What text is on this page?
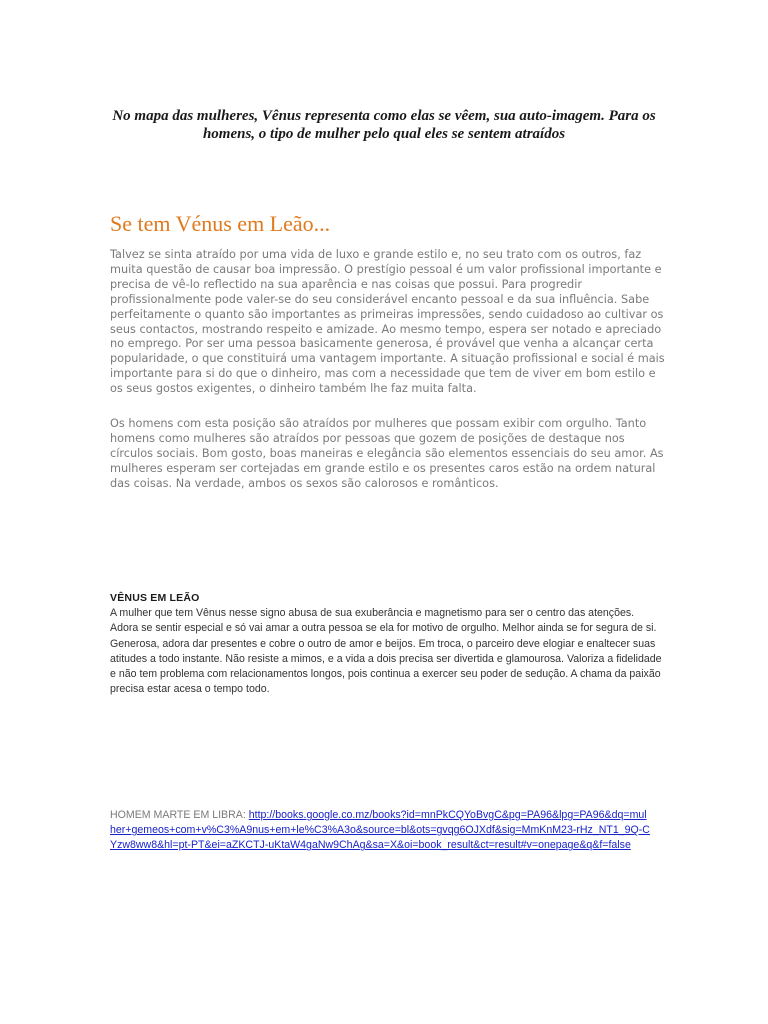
No mapa das mulheres, Vênus representa como elas se vêem, sua auto-imagem. Para os homens, o tipo de mulher pelo qual eles se sentem atraídos

Se tem Vénus em Leão...

Talvez se sinta atraído por uma vida de luxo e grande estilo e, no seu trato com os outros, faz muita questão de causar boa impressão. O prestígio pessoal é um valor profissional importante e precisa de vê-lo reflectido na sua aparência e nas coisas que possui. Para progredir profissionalmente pode valer-se do seu considerável encanto pessoal e da sua influência. Sabe perfeitamente o quanto são importantes as primeiras impressões, sendo cuidadoso ao cultivar os seus contactos, mostrando respeito e amizade. Ao mesmo tempo, espera ser notado e apreciado no emprego. Por ser uma pessoa basicamente generosa, é provável que venha a alcançar certa popularidade, o que constituirá uma vantagem importante. A situação profissional e social é mais importante para si do que o dinheiro, mas com a necessidade que tem de viver em bom estilo e os seus gostos exigentes, o dinheiro também lhe faz muita falta.

Os homens com esta posição são atraídos por mulheres que possam exibir com orgulho. Tanto homens como mulheres são atraídos por pessoas que gozem de posições de destaque nos círculos sociais. Bom gosto, boas maneiras e elegância são elementos essenciais do seu amor. As mulheres esperam ser cortejadas em grande estilo e os presentes caros estão na ordem natural das coisas. Na verdade, ambos os sexos são calorosos e românticos.

VÊNUS EM LEÃO

A mulher que tem Vênus nesse signo abusa de sua exuberância e magnetismo para ser o centro das atenções. Adora se sentir especial e só vai amar a outra pessoa se ela for motivo de orgulho. Melhor ainda se for segura de si. Generosa, adora dar presentes e cobre o outro de amor e beijos. Em troca, o parceiro deve elogiar e enaltecer suas atitudes a todo instante. Não resiste a mimos, e a vida a dois precisa ser divertida e glamourosa. Valoriza a fidelidade e não tem problema com relacionamentos longos, pois continua a exercer seu poder de sedução. A chama da paixão precisa estar acesa o tempo todo.

HOMEM MARTE EM LIBRA: http://books.google.co.mz/books?id=mnPkCQYoBvgC&pg=PA96&lpg=PA96&dq=mulher+gemeos+com+v%C3%A9nus+em+le%C3%A3o&source=bl&ots=gvqg6OJXdf&sig=MmKnM23-rHz_NT1_9Q-CYzw8ww8&hl=pt-PT&ei=aZKCTJ-uKtaW4gaNw9ChAg&sa=X&oi=book_result&ct=result#v=onepage&q&f=false
